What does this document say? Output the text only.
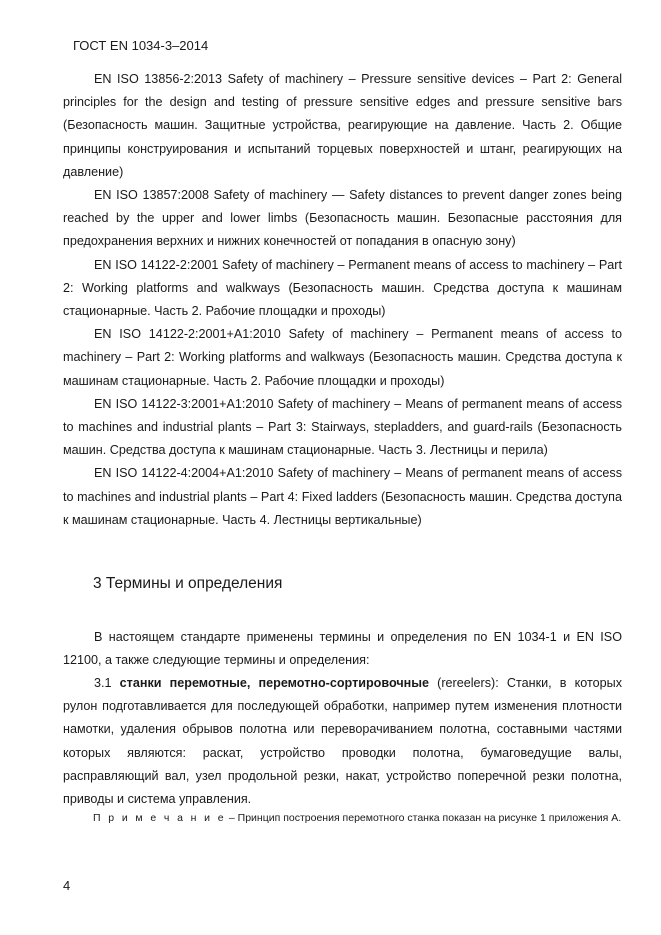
ГОСТ EN 1034-3–2014

EN ISO 13856-2:2013 Safety of machinery – Pressure sensitive devices – Part 2: General principles for the design and testing of pressure sensitive edges and pressure sensitive bars (Безопасность машин. Защитные устройства, реагирующие на давление. Часть 2. Общие принципы конструирования и испытаний торцевых поверхностей и штанг, реагирующих на давление)

EN ISO 13857:2008 Safety of machinery — Safety distances to prevent danger zones being reached by the upper and lower limbs (Безопасность машин. Безопасные расстояния для предохранения верхних и нижних конечностей от попадания в опасную зону)

EN ISO 14122-2:2001 Safety of machinery – Permanent means of access to machinery – Part 2: Working platforms and walkways (Безопасность машин. Средства доступа к машинам стационарные. Часть 2. Рабочие площадки и проходы)

EN ISO 14122-2:2001+A1:2010 Safety of machinery – Permanent means of access to machinery – Part 2: Working platforms and walkways (Безопасность машин. Средства доступа к машинам стационарные. Часть 2. Рабочие площадки и проходы)

EN ISO 14122-3:2001+A1:2010 Safety of machinery – Means of permanent means of access to machines and industrial plants – Part 3: Stairways, stepladders, and guard-rails (Безопасность машин. Средства доступа к машинам стационарные. Часть 3. Лестницы и перила)

EN ISO 14122-4:2004+A1:2010 Safety of machinery – Means of permanent means of access to machines and industrial plants – Part 4: Fixed ladders (Безопасность машин. Средства доступа к машинам стационарные. Часть 4. Лестницы вертикальные)

3 Термины и определения

В настоящем стандарте применены термины и определения по EN 1034-1 и EN ISO 12100, а также следующие термины и определения:

3.1 станки перемотные, перемотно-сортировочные (rereelers): Станки, в которых рулон подготавливается для последующей обработки, например путем изменения плотности намотки, удаления обрывов полотна или переворачиванием полотна, составными частями которых являются: раскат, устройство проводки полотна, бумаговедущие валы, расправляющий вал, узел продольной резки, накат, устройство поперечной резки полотна, приводы и система управления.

П р и м е ч а н и е – Принцип построения перемотного станка показан на рисунке 1 приложения А.
4
